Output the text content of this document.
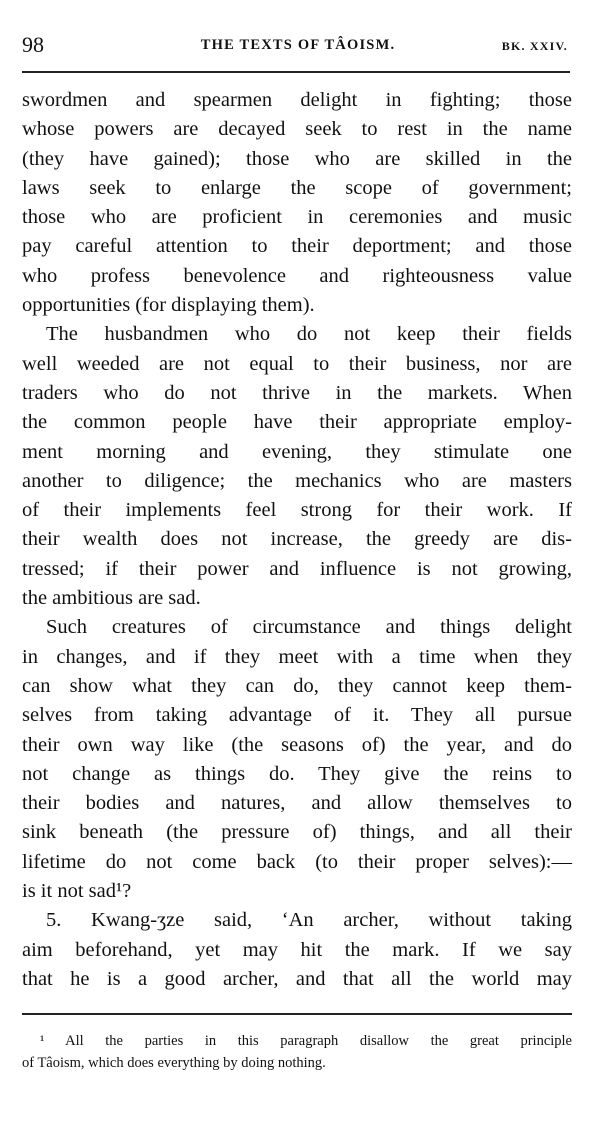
98	THE TEXTS OF TÂOISM.	BK. XXIV.
swordmen and spearmen delight in fighting; those
whose powers are decayed seek to rest in the name
(they have gained); those who are skilled in the
laws seek to enlarge the scope of government;
those who are proficient in ceremonies and music
pay careful attention to their deportment; and those
who profess benevolence and righteousness value
opportunities (for displaying them).
The husbandmen who do not keep their fields
well weeded are not equal to their business, nor are
traders who do not thrive in the markets. When
the common people have their appropriate employ-
ment morning and evening, they stimulate one
another to diligence; the mechanics who are masters
of their implements feel strong for their work. If
their wealth does not increase, the greedy are dis-
tressed; if their power and influence is not growing,
the ambitious are sad.
Such creatures of circumstance and things delight
in changes, and if they meet with a time when they
can show what they can do, they cannot keep them-
selves from taking advantage of it. They all pursue
their own way like (the seasons of) the year, and do
not change as things do. They give the reins to
their bodies and natures, and allow themselves to
sink beneath (the pressure of) things, and all their
lifetime do not come back (to their proper selves):—
is it not sad¹?
5. Kwang-ʒze said, ‘An archer, without taking
aim beforehand, yet may hit the mark. If we say
that he is a good archer, and that all the world may
¹ All the parties in this paragraph disallow the great principle
of Tâoism, which does everything by doing nothing.
